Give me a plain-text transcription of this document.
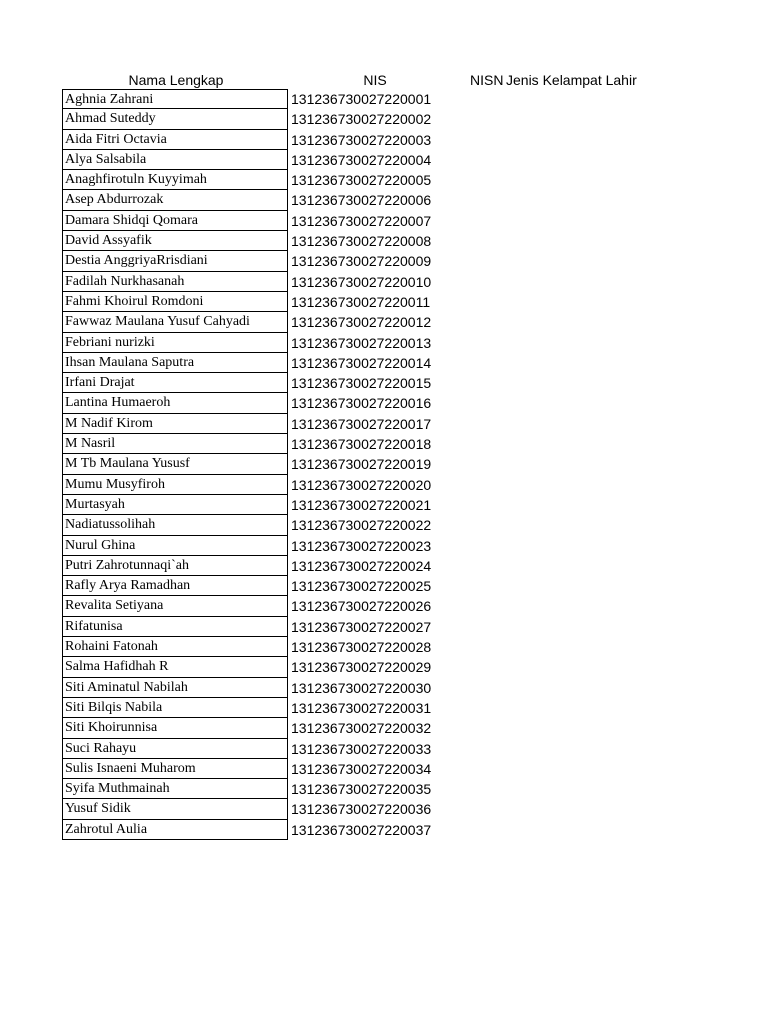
Nama Lengkap	NIS	NISN Jenis Kelampat Lahir
Aghnia Zahrani	131236730027220001
Ahmad Suteddy	131236730027220002
Aida Fitri Octavia	131236730027220003
Alya Salsabila	131236730027220004
Anaghfirotuln Kuyyimah	131236730027220005
Asep Abdurrozak	131236730027220006
Damara Shidqi Qomara	131236730027220007
David Assyafik	131236730027220008
Destia AnggriyaRrisdiani	131236730027220009
Fadilah Nurkhasanah	131236730027220010
Fahmi Khoirul Romdoni	131236730027220011
Fawwaz Maulana Yusuf Cahyadi	131236730027220012
Febriani nurizki	131236730027220013
Ihsan Maulana Saputra	131236730027220014
Irfani Drajat	131236730027220015
Lantina Humaeroh	131236730027220016
M Nadif Kirom	131236730027220017
M Nasril	131236730027220018
M Tb Maulana Yususf	131236730027220019
Mumu Musyfiroh	131236730027220020
Murtasyah	131236730027220021
Nadiatussolihah	131236730027220022
Nurul Ghina	131236730027220023
Putri Zahrotunnaqi`ah	131236730027220024
Rafly Arya Ramadhan	131236730027220025
Revalita Setiyana	131236730027220026
Rifatunisa	131236730027220027
Rohaini Fatonah	131236730027220028
Salma Hafidhah R	131236730027220029
Siti Aminatul Nabilah	131236730027220030
Siti Bilqis Nabila	131236730027220031
Siti Khoirunnisa	131236730027220032
Suci Rahayu	131236730027220033
Sulis Isnaeni Muharom	131236730027220034
Syifa Muthmainah	131236730027220035
Yusuf Sidik	131236730027220036
Zahrotul Aulia	131236730027220037
